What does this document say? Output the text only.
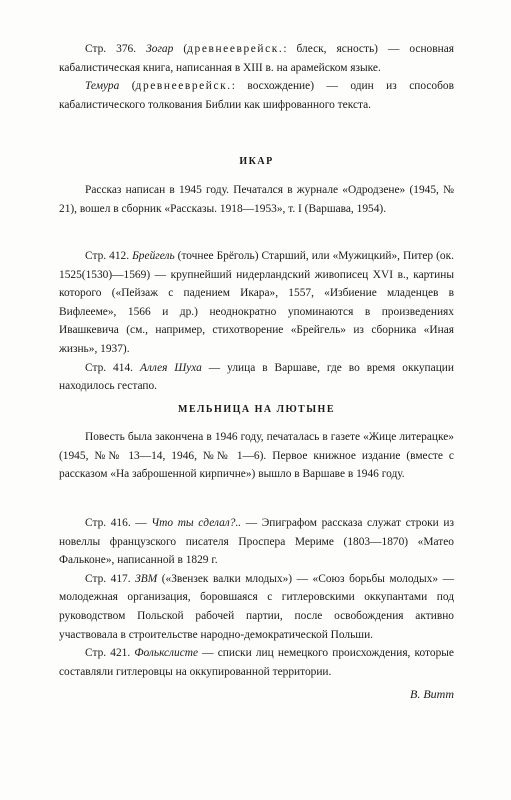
Стр. 376. Зогар (древнееврейск.: блеск, ясность) — основная кабалистическая книга, написанная в XIII в. на арамейском языке.

Темура (древнееврейск.: восхождение) — один из способов кабалистического толкования Библии как шифрованного текста.

ИКАР

Рассказ написан в 1945 году. Печатался в журнале «Одродзене» (1945, № 21), вошел в сборник «Рассказы. 1918—1953», т. I (Варшава, 1954).

Стр. 412. Брейгель (точнее Брёголь) Старший, или «Мужицкий», Питер (ок. 1525(1530)—1569) — крупнейший нидерландский живописец XVI в., картины которого («Пейзаж с падением Икара», 1557, «Избиение младенцев в Вифлееме», 1566 и др.) неоднократно упоминаются в произведениях Ивашкевича (см., например, стихотворение «Брейгель» из сборника «Иная жизнь», 1937).

Стр. 414. Аллея Шуха — улица в Варшаве, где во время оккупации находилось гестапо.

МЕЛЬНИЦА НА ЛЮТЫНЕ

Повесть была закончена в 1946 году, печаталась в газете «Жице литерацке» (1945, №№ 13—14, 1946, №№ 1—6). Первое книжное издание (вместе с рассказом «На заброшенной кирпичне») вышло в Варшаве в 1946 году.

Стр. 416. — Что ты сделал?.. — Эпиграфом рассказа служат строки из новеллы французского писателя Проспера Мериме (1803—1870) «Матео Фальконе», написанной в 1829 г.

Стр. 417. ЗВМ («Звензек валки млодых») — «Союз борьбы молодых» — молодежная организация, боровшаяся с гитлеровскими оккупантами под руководством Польской рабочей партии, после освобождения активно участвовала в строительстве народно-демократической Польши.

Стр. 421. Фолькслисте — списки лиц немецкого происхождения, которые составляли гитлеровцы на оккупированной территории.

В. Витт
